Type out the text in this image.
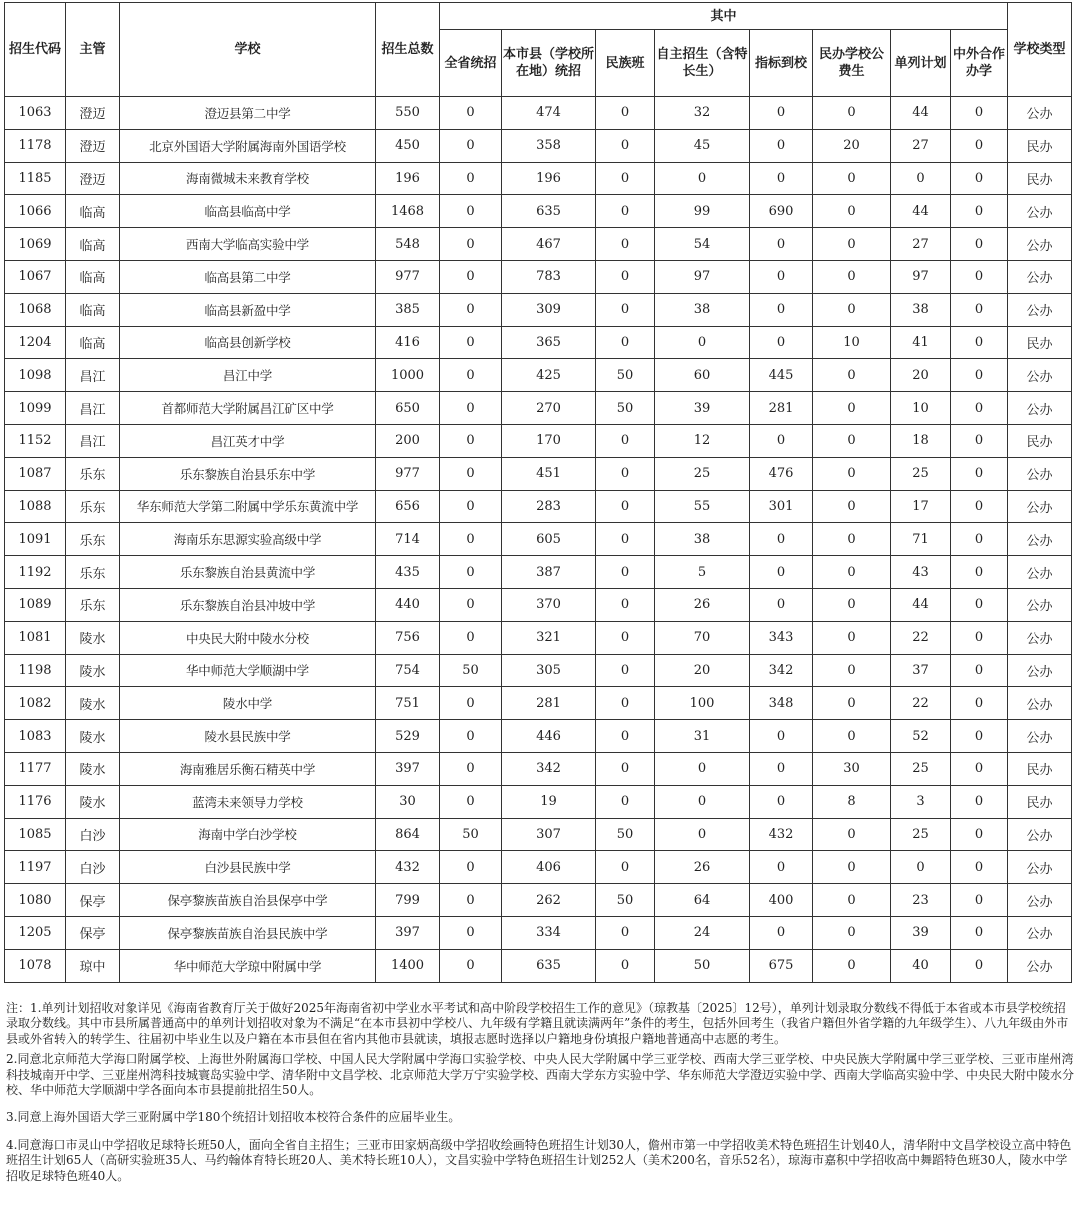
招生代码	主管	学校	招生总数	其中								学校类型
				全省统招	本市县（学校所在地）统招	民族班	自主招生（含特长生）	指标到校	民办学校公费生	单列计划	中外合作办学	
1063	澄迈	澄迈县第二中学	550	0	474	0	32	0	0	44	0	公办
1178	澄迈	北京外国语大学附属海南外国语学校	450	0	358	0	45	0	20	27	0	民办
1185	澄迈	海南微城未来教育学校	196	0	196	0	0	0	0	0	0	民办
1066	临高	临高县临高中学	1468	0	635	0	99	690	0	44	0	公办
1069	临高	西南大学临高实验中学	548	0	467	0	54	0	0	27	0	公办
1067	临高	临高县第二中学	977	0	783	0	97	0	0	97	0	公办
1068	临高	临高县新盈中学	385	0	309	0	38	0	0	38	0	公办
1204	临高	临高县创新学校	416	0	365	0	0	0	10	41	0	民办
1098	昌江	昌江中学	1000	0	425	50	60	445	0	20	0	公办
1099	昌江	首都师范大学附属昌江矿区中学	650	0	270	50	39	281	0	10	0	公办
1152	昌江	昌江英才中学	200	0	170	0	12	0	0	18	0	民办
1087	乐东	乐东黎族自治县乐东中学	977	0	451	0	25	476	0	25	0	公办
1088	乐东	华东师范大学第二附属中学乐东黄流中学	656	0	283	0	55	301	0	17	0	公办
1091	乐东	海南乐东思源实验高级中学	714	0	605	0	38	0	0	71	0	公办
1192	乐东	乐东黎族自治县黄流中学	435	0	387	0	5	0	0	43	0	公办
1089	乐东	乐东黎族自治县冲坡中学	440	0	370	0	26	0	0	44	0	公办
1081	陵水	中央民大附中陵水分校	756	0	321	0	70	343	0	22	0	公办
1198	陵水	华中师范大学顺湖中学	754	50	305	0	20	342	0	37	0	公办
1082	陵水	陵水中学	751	0	281	0	100	348	0	22	0	公办
1083	陵水	陵水县民族中学	529	0	446	0	31	0	0	52	0	公办
1177	陵水	海南雅居乐衡石精英中学	397	0	342	0	0	0	30	25	0	民办
1176	陵水	蓝湾未来领导力学校	30	0	19	0	0	0	8	3	0	民办
1085	白沙	海南中学白沙学校	864	50	307	50	0	432	0	25	0	公办
1197	白沙	白沙县民族中学	432	0	406	0	26	0	0	0	0	公办
1080	保亭	保亭黎族苗族自治县保亭中学	799	0	262	50	64	400	0	23	0	公办
1205	保亭	保亭黎族苗族自治县民族中学	397	0	334	0	24	0	0	39	0	公办
1078	琼中	华中师范大学琼中附属中学	1400	0	635	0	50	675	0	40	0	公办

注：1.单列计划招收对象详见《海南省教育厅关于做好2025年海南省初中学业水平考试和高中阶段学校招生工作的意见》（琼教基〔2025〕12号），单列计划录取分数线不得低于本省或本市县学校统招录取分数线。其中市县所属普通高中的单列计划招收对象为不满足“在本市县初中学校八、九年级有学籍且就读满两年”条件的考生，包括外回考生（我省户籍但外省学籍的九年级学生）、八九年级由外市县或外省转入的转学生、往届初中毕业生以及户籍在本市县但在省内其他市县就读，填报志愿时选择以户籍地身份填报户籍地普通高中志愿的考生。

2.同意北京师范大学海口附属学校、上海世外附属海口学校、中国人民大学附属中学海口实验学校、中央人民大学附属中学三亚学校、西南大学三亚学校、中央民族大学附属中学三亚学校、三亚市崖州湾科技城南开中学、三亚崖州湾科技城寰岛实验中学、清华附中文昌学校、北京师范大学万宁实验学校、西南大学东方实验中学、华东师范大学澄迈实验中学、西南大学临高实验中学、中央民大附中陵水分校、华中师范大学顺湖中学各面向本市县提前批招生50人。

3.同意上海外国语大学三亚附属中学180个统招计划招收本校符合条件的应届毕业生。

4.同意海口市灵山中学招收足球特长班50人，面向全省自主招生；三亚市田家炳高级中学招收绘画特色班招生计划30人，儋州市第一中学招收美术特色班招生计划40人，清华附中文昌学校设立高中特色班招生计划65人（高研实验班35人、马约翰体育特长班20人、美术特长班10人），文昌实验中学特色班招生计划252人（美术200名，音乐52名），琼海市嘉积中学招收高中舞蹈特色班30人，陵水中学招收足球特色班40人。
